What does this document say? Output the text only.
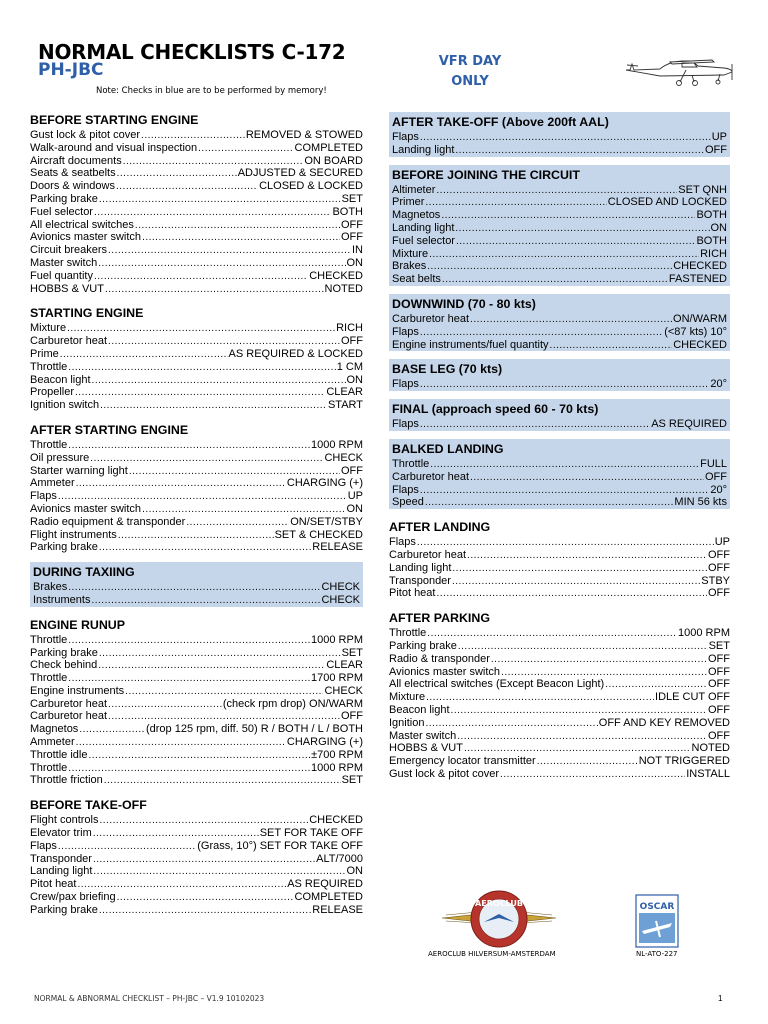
NORMAL CHECKLISTS C-172
PH-JBC
Note: Checks in blue are to be performed by memory!
VFR DAY
ONLY
BEFORE STARTING ENGINE
Gust lock & pitot cover .....	REMOVED & STOWED
Walk-around and visual inspection .....	COMPLETED
Aircraft documents .....	ON BOARD
Seats & seatbelts .....	ADJUSTED & SECURED
Doors & windows .....	CLOSED & LOCKED
Parking brake .....	SET
Fuel selector .....	BOTH
All electrical switches .....	OFF
Avionics master switch .....	OFF
Circuit breakers .....	IN
Master switch .....	ON
Fuel quantity .....	CHECKED
HOBBS & VUT .....	NOTED
STARTING ENGINE
Mixture .....	RICH
Carburetor heat .....	OFF
Prime .....	AS REQUIRED & LOCKED
Throttle .....	1 CM
Beacon light .....	ON
Propeller .....	CLEAR
Ignition switch .....	START
AFTER STARTING ENGINE
Throttle .....	1000 RPM
Oil pressure .....	CHECK
Starter warning light .....	OFF
Ammeter .....	CHARGING (+)
Flaps .....	UP
Avionics master switch .....	ON
Radio equipment & transponder .....	ON/SET/STBY
Flight instruments .....	SET & CHECKED
Parking brake .....	RELEASE
DURING TAXIING
Brakes .....	CHECK
Instruments .....	CHECK
ENGINE RUNUP
Throttle .....	1000 RPM
Parking brake .....	SET
Check behind .....	CLEAR
Throttle .....	1700 RPM
Engine instruments .....	CHECK
Carburetor heat .....	(check rpm drop) ON/WARM
Carburetor heat .....	OFF
Magnetos .....	(drop 125 rpm, diff. 50) R / BOTH / L / BOTH
Ammeter .....	CHARGING (+)
Throttle idle .....	±700 RPM
Throttle .....	1000 RPM
Throttle friction .....	SET
BEFORE TAKE-OFF
Flight controls .....	CHECKED
Elevator trim .....	SET FOR TAKE OFF
Flaps .....	(Grass, 10°) SET FOR TAKE OFF
Transponder .....	ALT/7000
Landing light .....	ON
Pitot heat .....	AS REQUIRED
Crew/pax briefing .....	COMPLETED
Parking brake .....	RELEASE
AFTER TAKE-OFF (Above 200ft AAL)
Flaps .....	UP
Landing light .....	OFF
BEFORE JOINING THE CIRCUIT
Altimeter .....	SET QNH
Primer .....	CLOSED AND LOCKED
Magnetos .....	BOTH
Landing light .....	ON
Fuel selector .....	BOTH
Mixture .....	RICH
Brakes .....	CHECKED
Seat belts .....	FASTENED
DOWNWIND (70 - 80 kts)
Carburetor heat .....	ON/WARM
Flaps .....	(<87 kts) 10°
Engine instruments/fuel quantity .....	CHECKED
BASE LEG (70 kts)
Flaps .....	20°
FINAL (approach speed 60 - 70 kts)
Flaps .....	AS REQUIRED
BALKED LANDING
Throttle .....	FULL
Carburetor heat .....	OFF
Flaps .....	20°
Speed .....	MIN 56 kts
AFTER LANDING
Flaps .....	UP
Carburetor heat .....	OFF
Landing light .....	OFF
Transponder .....	STBY
Pitot heat .....	OFF
AFTER PARKING
Throttle .....	1000 RPM
Parking brake .....	SET
Radio & transponder .....	OFF
Avionics master switch .....	OFF
All electrical switches (Except Beacon Light) .....	OFF
Mixture .....	IDLE CUT OFF
Beacon light .....	OFF
Ignition .....	OFF AND KEY REMOVED
Master switch .....	OFF
HOBBS & VUT .....	NOTED
Emergency locator transmitter .....	NOT TRIGGERED
Gust lock & pitot cover .....	INSTALL
AEROCLUB
AEROCLUB HILVERSUM-AMSTERDAM
OSCAR
NL-ATO-227
NORMAL & ABNORMAL CHECKLIST – PH-JBC – V1.9 10102023	1
